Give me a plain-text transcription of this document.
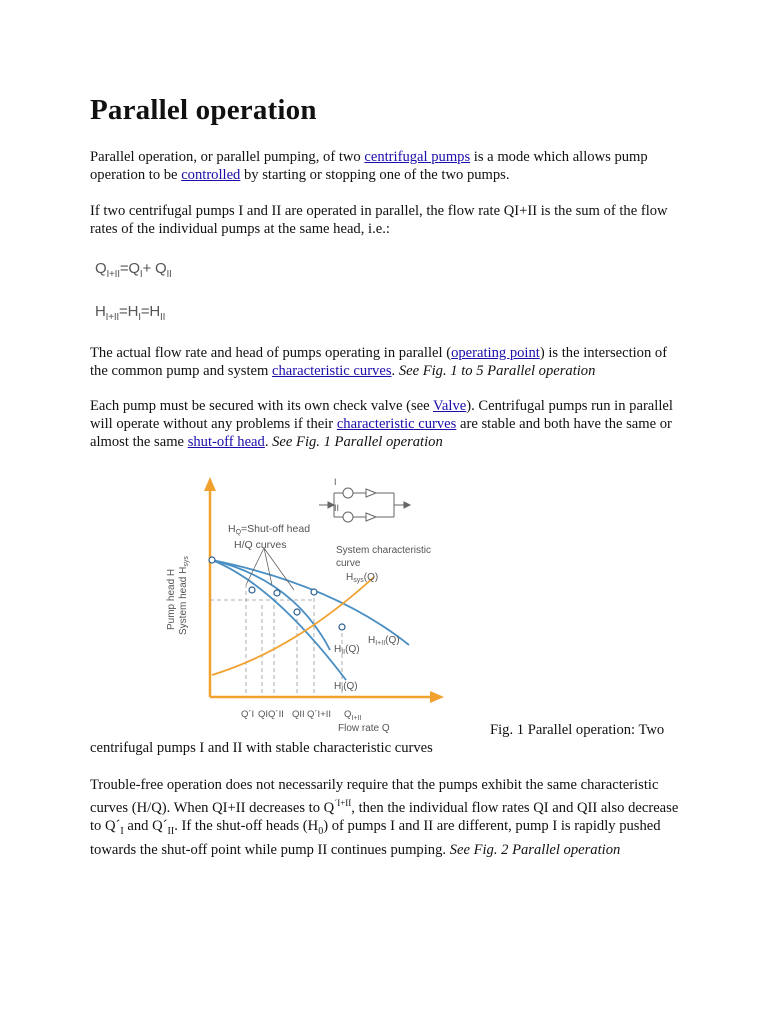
Parallel operation

Parallel operation, or parallel pumping, of two centrifugal pumps is a mode which allows pump operation to be controlled by starting or stopping one of the two pumps.

If two centrifugal pumps I and II are operated in parallel, the flow rate QI+II is the sum of the flow rates of the individual pumps at the same head, i.e.:

$Q_{I+II}=Q_I+ Q_{II}$
$H_{I+II}=H_I=H_{II}$

The actual flow rate and head of pumps operating in parallel (operating point) is the intersection of the common pump and system characteristic curves. See Fig. 1 to 5 Parallel operation

Each pump must be secured with its own check valve (see Valve). Centrifugal pumps run in parallel will operate without any problems if their characteristic curves are stable and both have the same or almost the same shut-off head. See Fig. 1 Parallel operation

Pump head H System head $H_{sys}$
HQ=Shut-off head
H/Q curves	System characteristic
curve
$H_{sys}(Q)$
$H_{I+II}(Q)$
$H_{II}(Q)$
$H_I(Q)$
Q´I QIQ´II QII Q´I+II $Q_{I+II}$
Flow rate Q
I
II
Fig. 1 Parallel operation: Two

centrifugal pumps I and II with stable characteristic curves

Trouble-free operation does not necessarily require that the pumps exhibit the same characteristic curves (H/Q). When QI+II decreases to $Q^{´I+II}$, then the individual flow rates QI and QII also decrease to $Q´_I$ and $Q´_{II}$. If the shut-off heads $(H_0)$ of pumps I and II are different, pump I is rapidly pushed towards the shut-off point while pump II continues pumping. See Fig. 2 Parallel operation
